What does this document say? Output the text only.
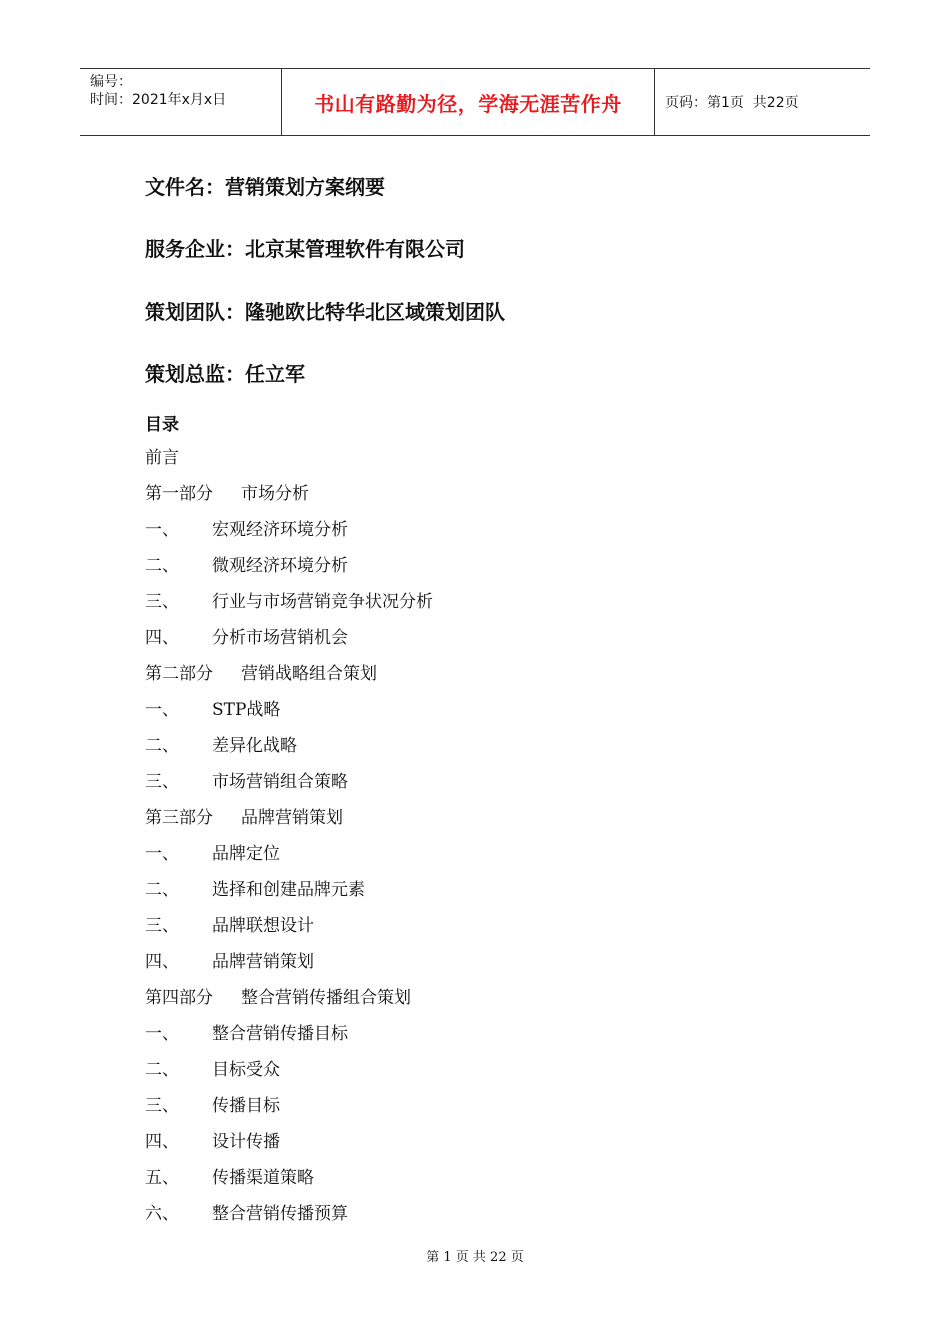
编号：
时间：2021年x月x日	书山有路勤为径，学海无涯苦作舟	页码：第1页  共22页
文件名：营销策划方案纲要
服务企业：北京某管理软件有限公司
策划团队：隆驰欧比特华北区域策划团队
策划总监：任立军
目录
前言
第一部分 市场分析
一、 宏观经济环境分析
二、 微观经济环境分析
三、 行业与市场营销竞争状况分析
四、 分析市场营销机会
第二部分 营销战略组合策划
一、 STP战略
二、 差异化战略
三、 市场营销组合策略
第三部分 品牌营销策划
一、 品牌定位
二、 选择和创建品牌元素
三、 品牌联想设计
四、 品牌营销策划
第四部分 整合营销传播组合策划
一、 整合营销传播目标
二、 目标受众
三、 传播目标
四、 设计传播
五、 传播渠道策略
六、 整合营销传播预算
第 1 页 共 22 页
